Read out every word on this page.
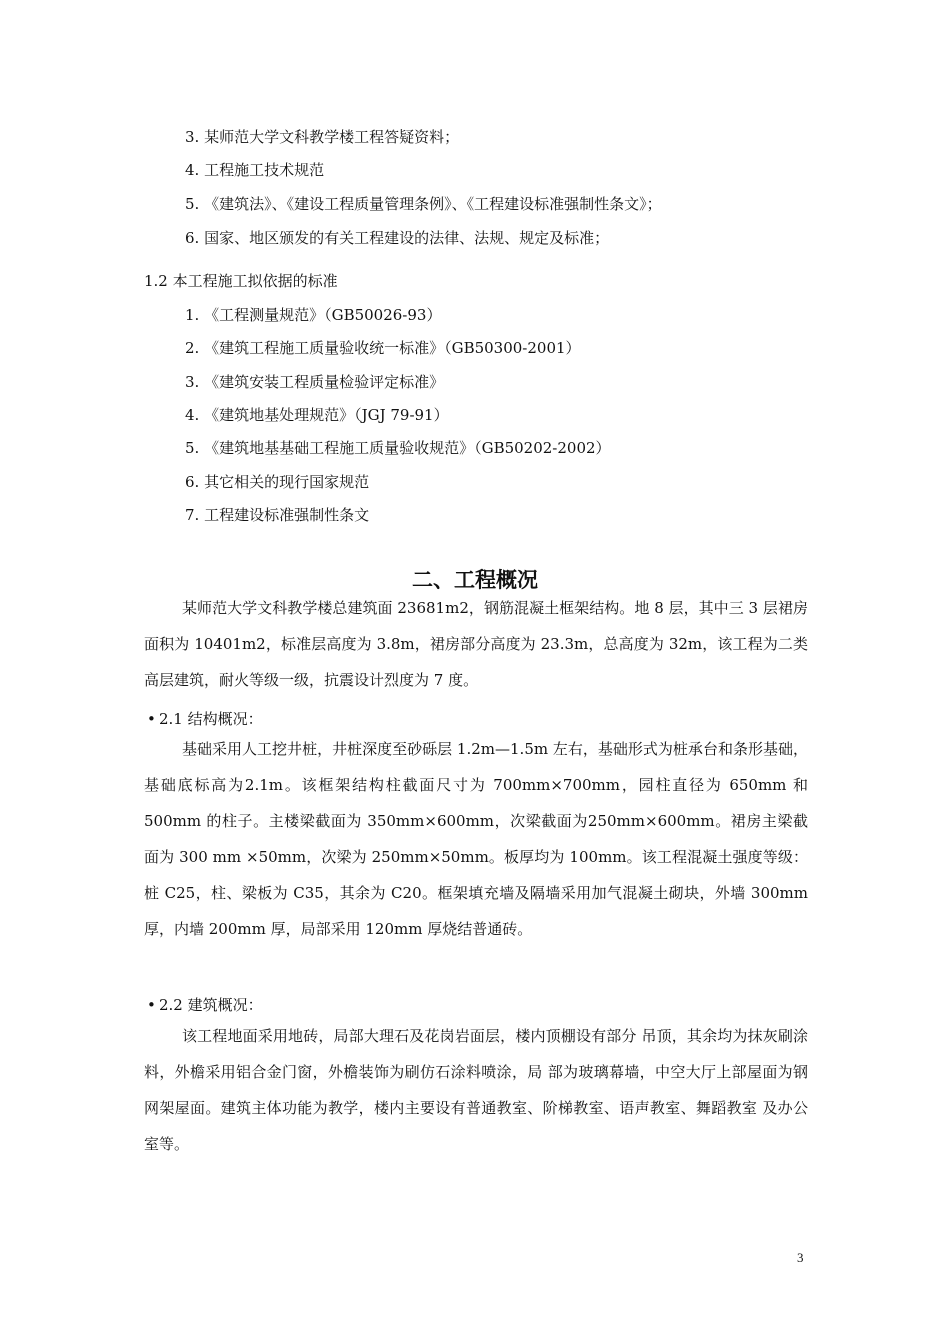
3. 某师范大学文科教学楼工程答疑资料；
4. 工程施工技术规范
5. 《建筑法》、《建设工程质量管理条例》、《工程建设标准强制性条文》；
6. 国家、地区颁发的有关工程建设的法律、法规、规定及标准；
1.2 本工程施工拟依据的标准
1. 《工程测量规范》（GB50026-93）
2. 《建筑工程施工质量验收统一标准》（GB50300-2001）
3. 《建筑安装工程质量检验评定标准》
4. 《建筑地基处理规范》（JGJ 79-91）
5. 《建筑地基基础工程施工质量验收规范》（GB50202-2002）
6. 其它相关的现行国家规范
7. 工程建设标准强制性条文
二、工程概况
某师范大学文科教学楼总建筑面 23681m2，钢筋混凝土框架结构。地 8 层，其中三 3 层裙房面积为 10401m2，标准层高度为 3.8m，裙房部分高度为 23.3m，总高度为 32m，该工程为二类高层建筑，耐火等级一级，抗震设计烈度为 7 度。
• 2.1 结构概况：
基础采用人工挖井桩，井桩深度至砂砾层 1.2m—1.5m 左右，基础形式为桩承台和条形基础，基础底标高为2.1m。该框架结构柱截面尺寸为 700mm×700mm，园柱直径为 650mm 和500mm 的柱子。主楼梁截面为 350mm×600mm，次梁截面为250mm×600mm。裙房主梁截面为 300 mm ×50mm，次梁为 250mm×50mm。板厚均为 100mm。该工程混凝土强度等级：桩 C25，柱、梁板为 C35，其余为 C20。框架填充墙及隔墙采用加气混凝土砌块，外墙 300mm 厚，内墙 200mm 厚，局部采用 120mm 厚烧结普通砖。
• 2.2 建筑概况：
该工程地面采用地砖，局部大理石及花岗岩面层，楼内顶棚设有部分 吊顶，其余均为抹灰刷涂料，外檐采用铝合金门窗，外檐装饰为刷仿石涂料喷涂，局 部为玻璃幕墙，中空大厅上部屋面为钢网架屋面。建筑主体功能为教学，楼内主要设有普通教室、阶梯教室、语声教室、舞蹈教室 及办公室等。
3
